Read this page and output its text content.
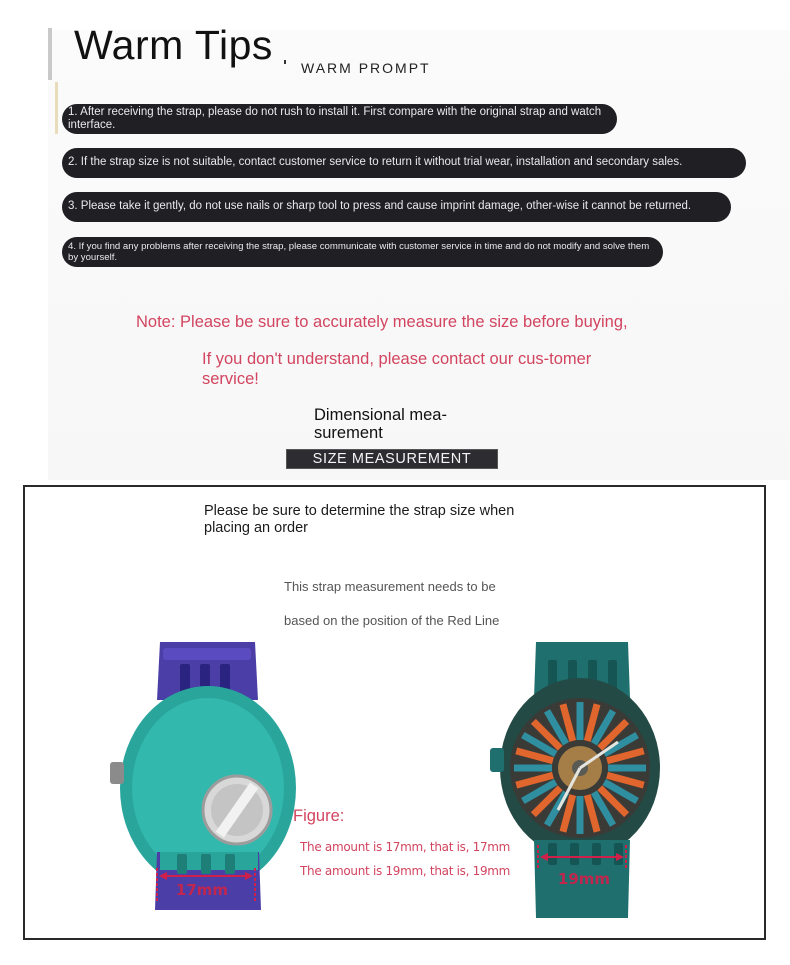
Warm Tips WARM PROMPT
1. After receiving the strap, please do not rush to install it. First compare with the original strap and watch interface.
2. If the strap size is not suitable, contact customer service to return it without trial wear, installation and secondary sales.
3. Please take it gently, do not use nails or sharp tool to press and cause imprint damage, other-wise it cannot be returned.
4. If you find any problems after receiving the strap, please communicate with customer service in time and do not modify and solve them by yourself.
Note: Please be sure to accurately measure the size before buying,
If you don't understand, please contact our cus-tomer service!
Dimensional mea-surement
SIZE MEASUREMENT
Please be sure to determine the strap size when placing an order
This strap measurement needs to be
based on the position of the Red Line
17mm
19mm
Figure:
The amount is 17mm, that is, 17mm
The amount is 19mm, that is, 19mm
